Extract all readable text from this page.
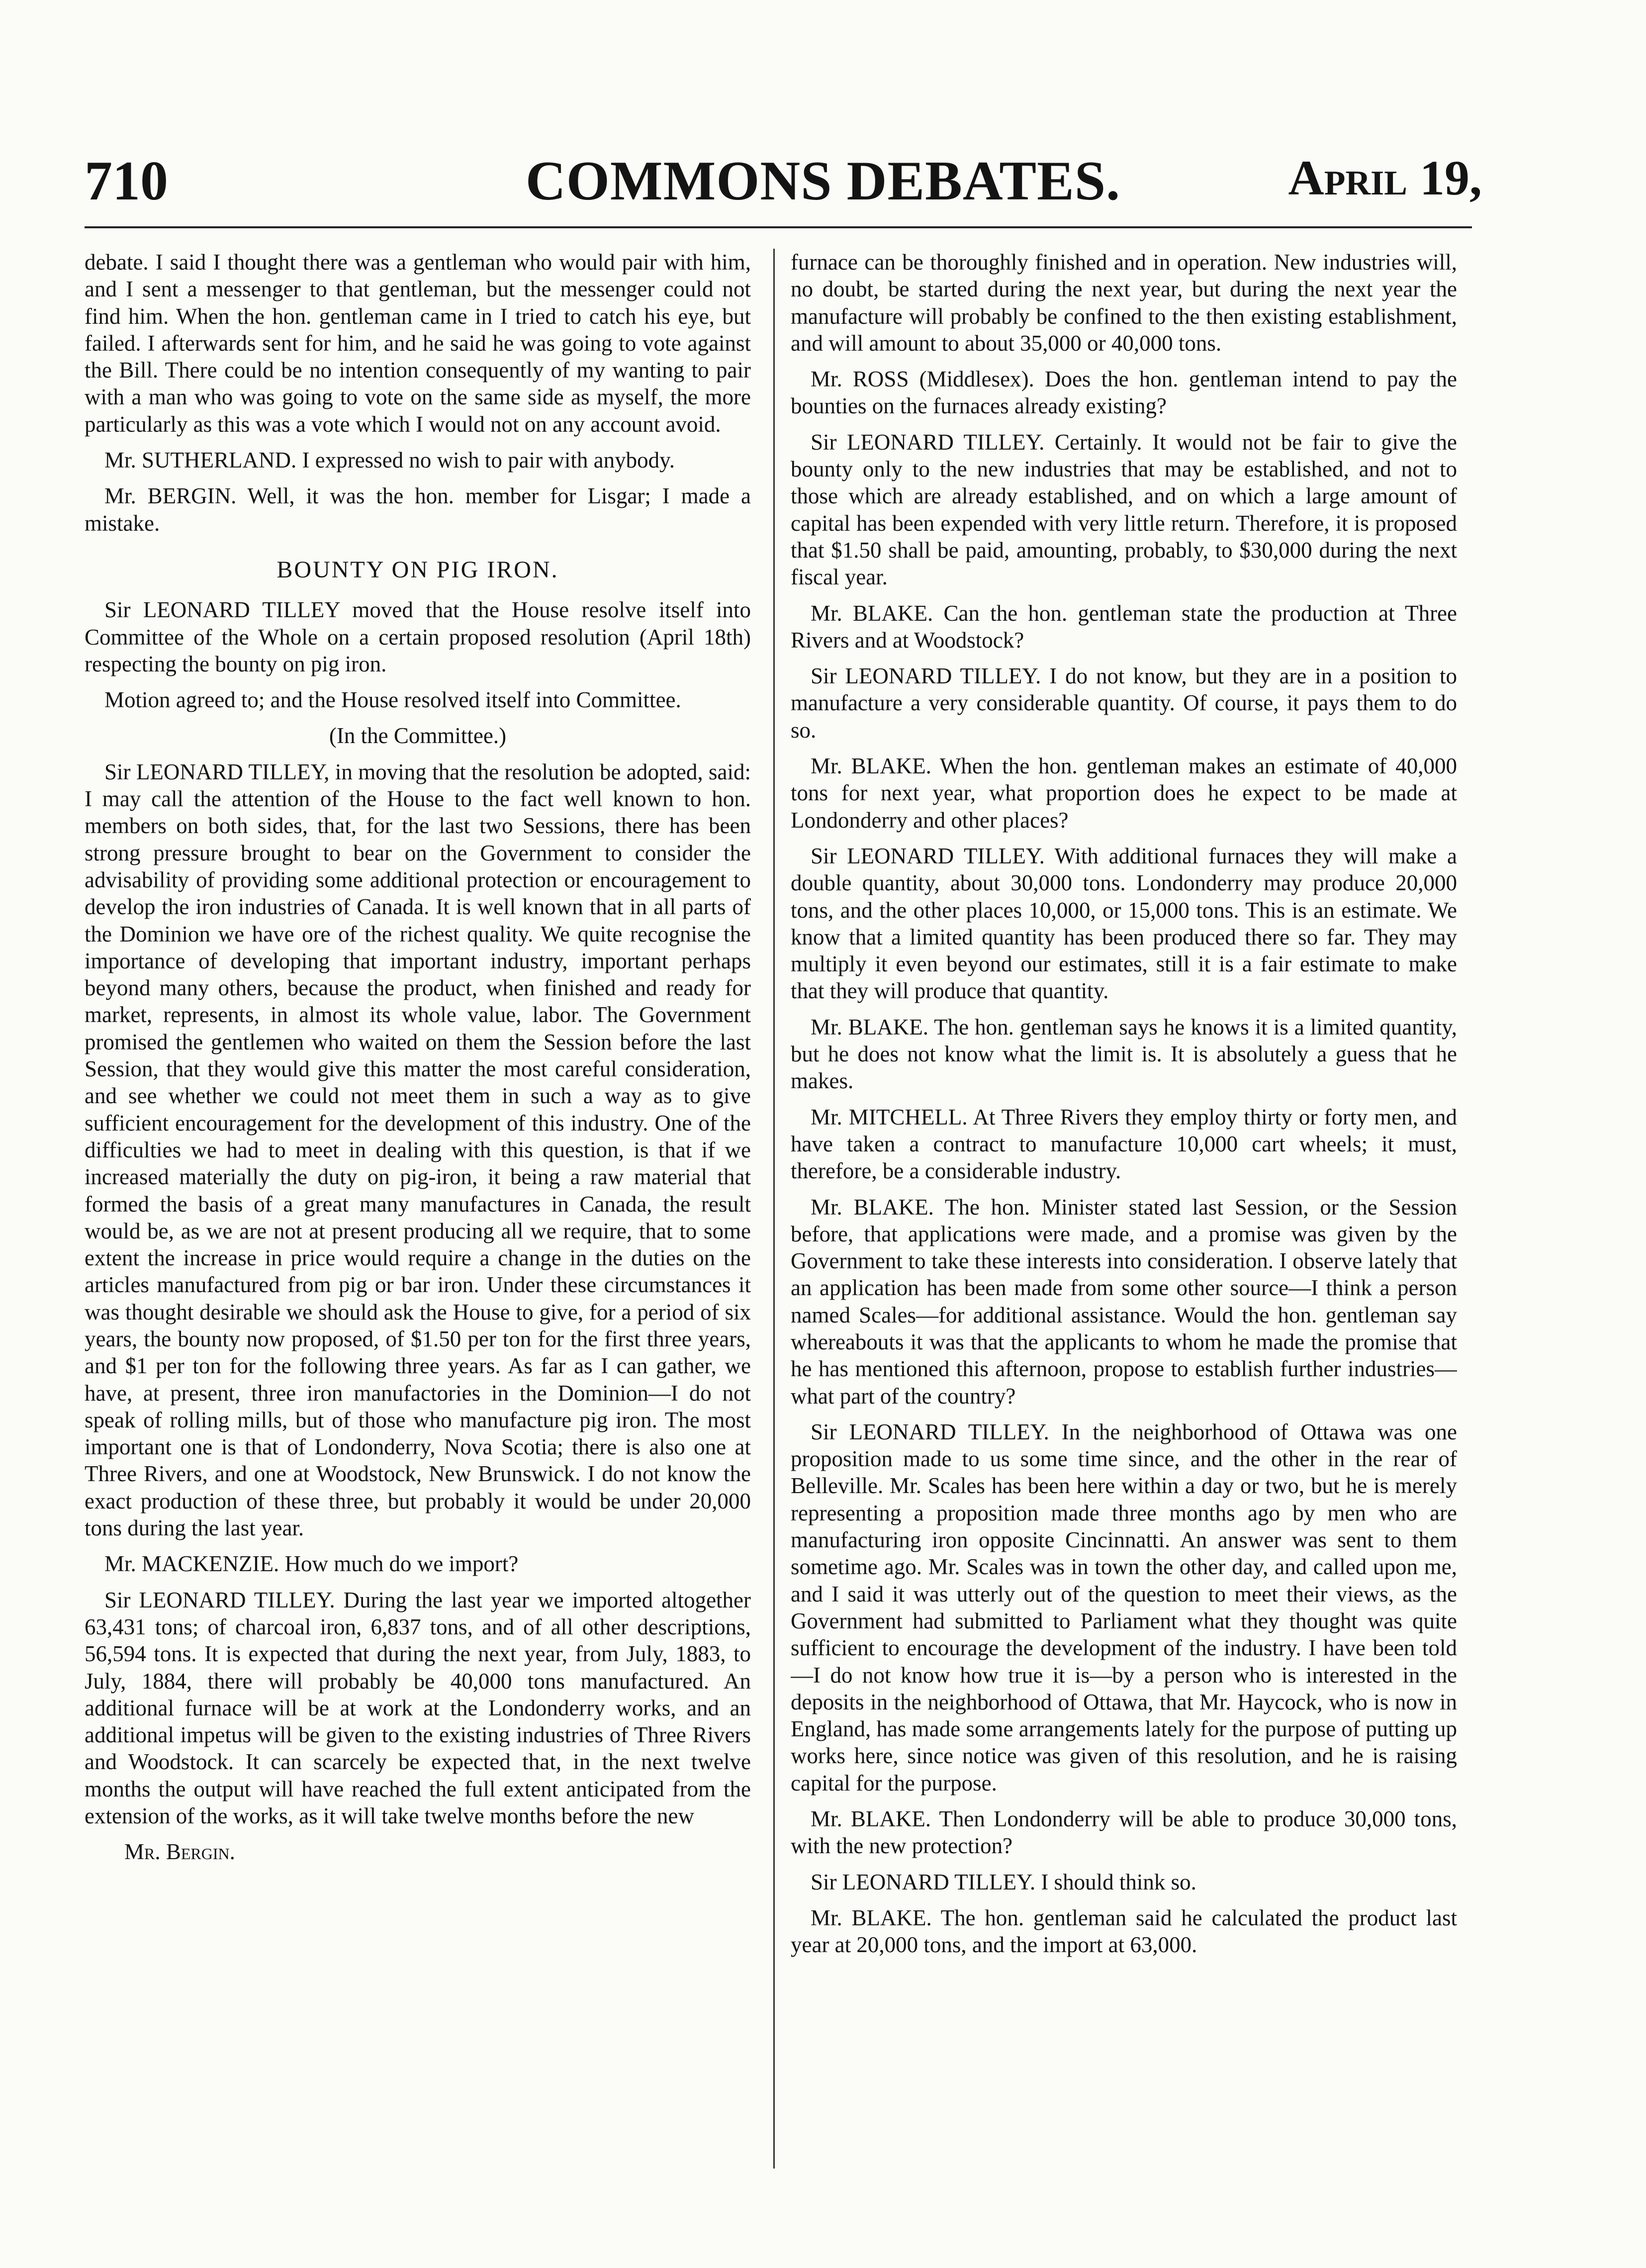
710	COMMONS DEBATES.	April 19,

debate. I said I thought there was a gentleman who would pair with him, and I sent a messenger to that gentleman, but the messenger could not find him. When the hon. gentleman came in I tried to catch his eye, but failed. I afterwards sent for him, and he said he was going to vote against the Bill. There could be no intention consequently of my wanting to pair with a man who was going to vote on the same side as myself, the more particularly as this was a vote which I would not on any account avoid.

Mr. SUTHERLAND. I expressed no wish to pair with anybody.

Mr. BERGIN. Well, it was the hon. member for Lisgar; I made a mistake.

BOUNTY ON PIG IRON.

Sir LEONARD TILLEY moved that the House resolve itself into Committee of the Whole on a certain proposed resolution (April 18th) respecting the bounty on pig iron.

Motion agreed to; and the House resolved itself into Committee.

(In the Committee.)

Sir LEONARD TILLEY, in moving that the resolution be adopted, said: I may call the attention of the House to the fact well known to hon. members on both sides, that, for the last two Sessions, there has been strong pressure brought to bear on the Government to consider the advisability of providing some additional protection or encouragement to develop the iron industries of Canada. It is well known that in all parts of the Dominion we have ore of the richest quality. We quite recognise the importance of developing that important industry, important perhaps beyond many others, because the product, when finished and ready for market, represents, in almost its whole value, labor. The Government promised the gentlemen who waited on them the Session before the last Session, that they would give this matter the most careful consideration, and see whether we could not meet them in such a way as to give sufficient encouragement for the development of this industry. One of the difficulties we had to meet in dealing with this question, is that if we increased materially the duty on pig-iron, it being a raw material that formed the basis of a great many manufactures in Canada, the result would be, as we are not at present producing all we require, that to some extent the increase in price would require a change in the duties on the articles manufactured from pig or bar iron. Under these circumstances it was thought desirable we should ask the House to give, for a period of six years, the bounty now proposed, of $1.50 per ton for the first three years, and $1 per ton for the following three years. As far as I can gather, we have, at present, three iron manufactories in the Dominion—I do not speak of rolling mills, but of those who manufacture pig iron. The most important one is that of Londonderry, Nova Scotia; there is also one at Three Rivers, and one at Woodstock, New Brunswick. I do not know the exact production of these three, but probably it would be under 20,000 tons during the last year.

Mr. MACKENZIE. How much do we import?

Sir LEONARD TILLEY. During the last year we imported altogether 63,431 tons; of charcoal iron, 6,837 tons, and of all other descriptions, 56,594 tons. It is expected that during the next year, from July, 1883, to July, 1884, there will probably be 40,000 tons manufactured. An additional furnace will be at work at the Londonderry works, and an additional impetus will be given to the existing industries of Three Rivers and Woodstock. It can scarcely be expected that, in the next twelve months the output will have reached the full extent anticipated from the extension of the works, as it will take twelve months before the new

Mr. Bergin.

furnace can be thoroughly finished and in operation. New industries will, no doubt, be started during the next year, but during the next year the manufacture will probably be confined to the then existing establishment, and will amount to about 35,000 or 40,000 tons.

Mr. ROSS (Middlesex). Does the hon. gentleman intend to pay the bounties on the furnaces already existing?

Sir LEONARD TILLEY. Certainly. It would not be fair to give the bounty only to the new industries that may be established, and not to those which are already established, and on which a large amount of capital has been expended with very little return. Therefore, it is proposed that $1.50 shall be paid, amounting, probably, to $30,000 during the next fiscal year.

Mr. BLAKE. Can the hon. gentleman state the production at Three Rivers and at Woodstock?

Sir LEONARD TILLEY. I do not know, but they are in a position to manufacture a very considerable quantity. Of course, it pays them to do so.

Mr. BLAKE. When the hon. gentleman makes an estimate of 40,000 tons for next year, what proportion does he expect to be made at Londonderry and other places?

Sir LEONARD TILLEY. With additional furnaces they will make a double quantity, about 30,000 tons. Londonderry may produce 20,000 tons, and the other places 10,000, or 15,000 tons. This is an estimate. We know that a limited quantity has been produced there so far. They may multiply it even beyond our estimates, still it is a fair estimate to make that they will produce that quantity.

Mr. BLAKE. The hon. gentleman says he knows it is a limited quantity, but he does not know what the limit is. It is absolutely a guess that he makes.

Mr. MITCHELL. At Three Rivers they employ thirty or forty men, and have taken a contract to manufacture 10,000 cart wheels; it must, therefore, be a considerable industry.

Mr. BLAKE. The hon. Minister stated last Session, or the Session before, that applications were made, and a promise was given by the Government to take these interests into consideration. I observe lately that an application has been made from some other source—I think a person named Scales—for additional assistance. Would the hon. gentleman say whereabouts it was that the applicants to whom he made the promise that he has mentioned this afternoon, propose to establish further industries—what part of the country?

Sir LEONARD TILLEY. In the neighborhood of Ottawa was one proposition made to us some time since, and the other in the rear of Belleville. Mr. Scales has been here within a day or two, but he is merely representing a proposition made three months ago by men who are manufacturing iron opposite Cincinnatti. An answer was sent to them sometime ago. Mr. Scales was in town the other day, and called upon me, and I said it was utterly out of the question to meet their views, as the Government had submitted to Parliament what they thought was quite sufficient to encourage the development of the industry. I have been told—I do not know how true it is—by a person who is interested in the deposits in the neighborhood of Ottawa, that Mr. Haycock, who is now in England, has made some arrangements lately for the purpose of putting up works here, since notice was given of this resolution, and he is raising capital for the purpose.

Mr. BLAKE. Then Londonderry will be able to produce 30,000 tons, with the new protection?

Sir LEONARD TILLEY. I should think so.

Mr. BLAKE. The hon. gentleman said he calculated the product last year at 20,000 tons, and the import at 63,000.
